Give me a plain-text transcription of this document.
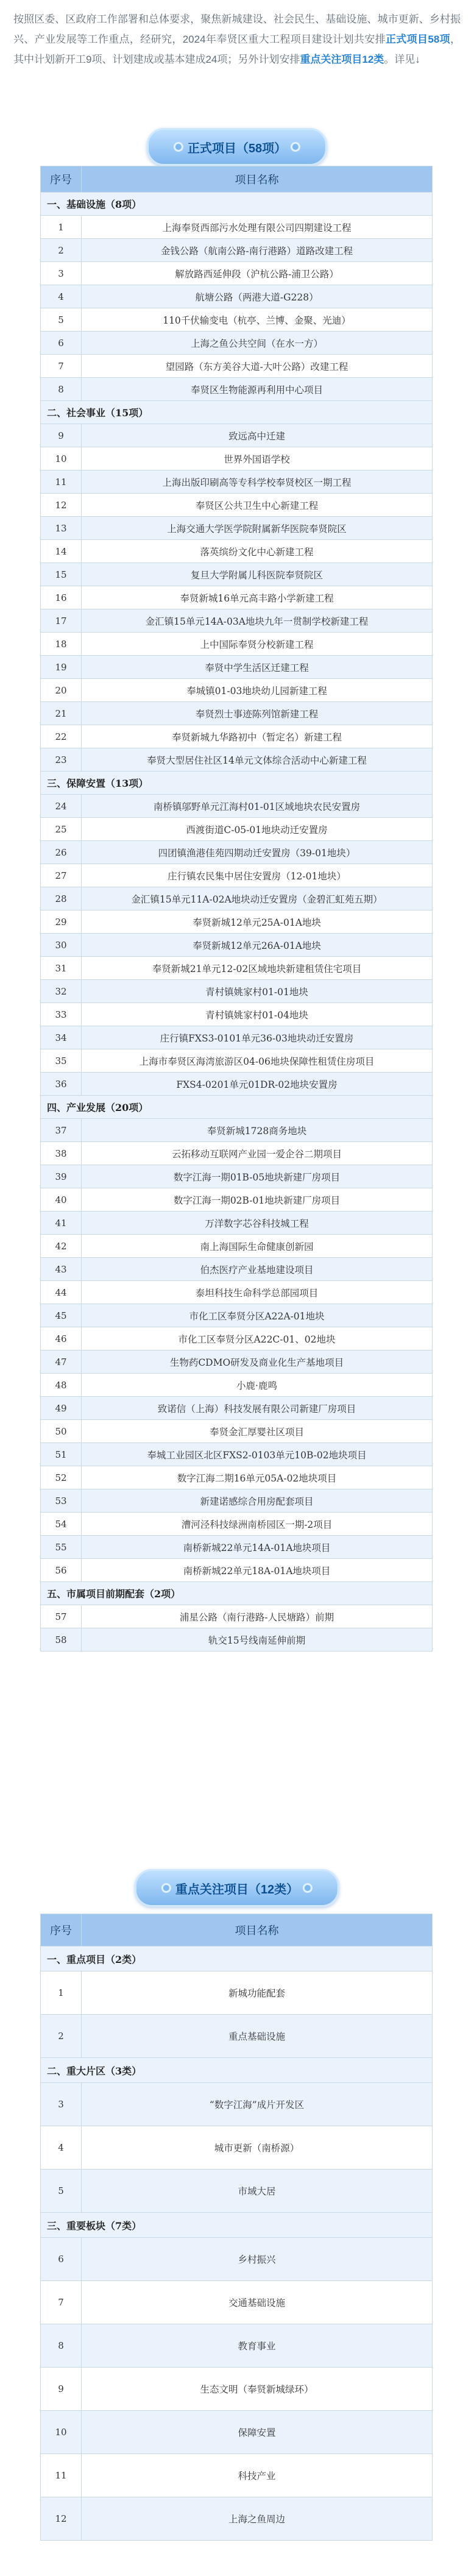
按照区委、区政府工作部署和总体要求，聚焦新城建设、社会民生、基础设施、城市更新、乡村振兴、产业发展等工作重点，经研究，2024年奉贤区重大工程项目建设计划共安排正式项目58项，其中计划新开工9项、计划建成或基本建成24项；另外计划安排重点关注项目12类。详见↓
正式项目（58项）
序号	项目名称
一、基础设施（8项）	
1	上海奉贤西部污水处理有限公司四期建设工程
2	金钱公路（航南公路-南行港路）道路改建工程
3	解放路西延伸段（沪杭公路-浦卫公路）
4	航塘公路（两港大道-G228）
5	110千伏输变电（杭亭、兰博、金聚、光迪）
6	上海之鱼公共空间（在水一方）
7	望园路（东方美谷大道-大叶公路）改建工程
8	奉贤区生物能源再利用中心项目
二、社会事业（15项）	
9	致远高中迁建
10	世界外国语学校
11	上海出版印刷高等专科学校奉贤校区一期工程
12	奉贤区公共卫生中心新建工程
13	上海交通大学医学院附属新华医院奉贤院区
14	落英缤纷文化中心新建工程
15	复旦大学附属儿科医院奉贤院区
16	奉贤新城16单元高丰路小学新建工程
17	金汇镇15单元14A-03A地块九年一贯制学校新建工程
18	上中国际奉贤分校新建工程
19	奉贤中学生活区迁建工程
20	奉城镇01-03地块幼儿园新建工程
21	奉贤烈士事迹陈列馆新建工程
22	奉贤新城九华路初中（暂定名）新建工程
23	奉贤大型居住社区14单元文体综合活动中心新建工程
三、保障安置（13项）	
24	南桥镇邬野单元江海村01-01区域地块农民安置房
25	西渡街道C-05-01地块动迁安置房
26	四团镇渔港佳苑四期动迁安置房（39-01地块）
27	庄行镇农民集中居住安置房（12-01地块）
28	金汇镇15单元11A-02A地块动迁安置房（金碧汇虹苑五期）
29	奉贤新城12单元25A-01A地块
30	奉贤新城12单元26A-01A地块
31	奉贤新城21单元12-02区域地块新建租赁住宅项目
32	青村镇姚家村01-01地块
33	青村镇姚家村01-04地块
34	庄行镇FXS3-0101单元36-03地块动迁安置房
35	上海市奉贤区海湾旅游区04-06地块保障性租赁住房项目
36	FXS4-0201单元01DR-02地块安置房
四、产业发展（20项）	
37	奉贤新城1728商务地块
38	云拓移动互联网产业园一爱企谷二期项目
39	数字江海一期01B-05地块新建厂房项目
40	数字江海一期02B-01地块新建厂房项目
41	万洋数字芯谷科技城工程
42	南上海国际生命健康创新园
43	伯杰医疗产业基地建设项目
44	泰坦科技生命科学总部园项目
45	市化工区奉贤分区A22A-01地块
46	市化工区奉贤分区A22C-01、02地块
47	生物药CDMO研发及商业化生产基地项目
48	小鹿·鹿鸣
49	致诺信（上海）科技发展有限公司新建厂房项目
50	奉贤金汇厚婴社区项目
51	奉城工业园区北区FXS2-0103单元10B-02地块项目
52	数字江海二期16单元05A-02地块项目
53	新建诺感综合用房配套项目
54	漕河泾科技绿洲南桥园区一期-2项目
55	南桥新城22单元14A-01A地块项目
56	南桥新城22单元18A-01A地块项目
五、市属项目前期配套（2项）	
57	浦星公路（南行港路-人民塘路）前期
58	轨交15号线南延伸前期
重点关注项目（12类）
序号	项目名称
一、重点项目（2类）	
1	新城功能配套
2	重点基础设施
二、重大片区（3类）	
3	“数字江海”成片开发区
4	城市更新（南桥源）
5	市域大居
三、重要板块（7类）	
6	乡村振兴
7	交通基础设施
8	教育事业
9	生态文明（奉贤新城绿环）
10	保障安置
11	科技产业
12	上海之鱼周边
